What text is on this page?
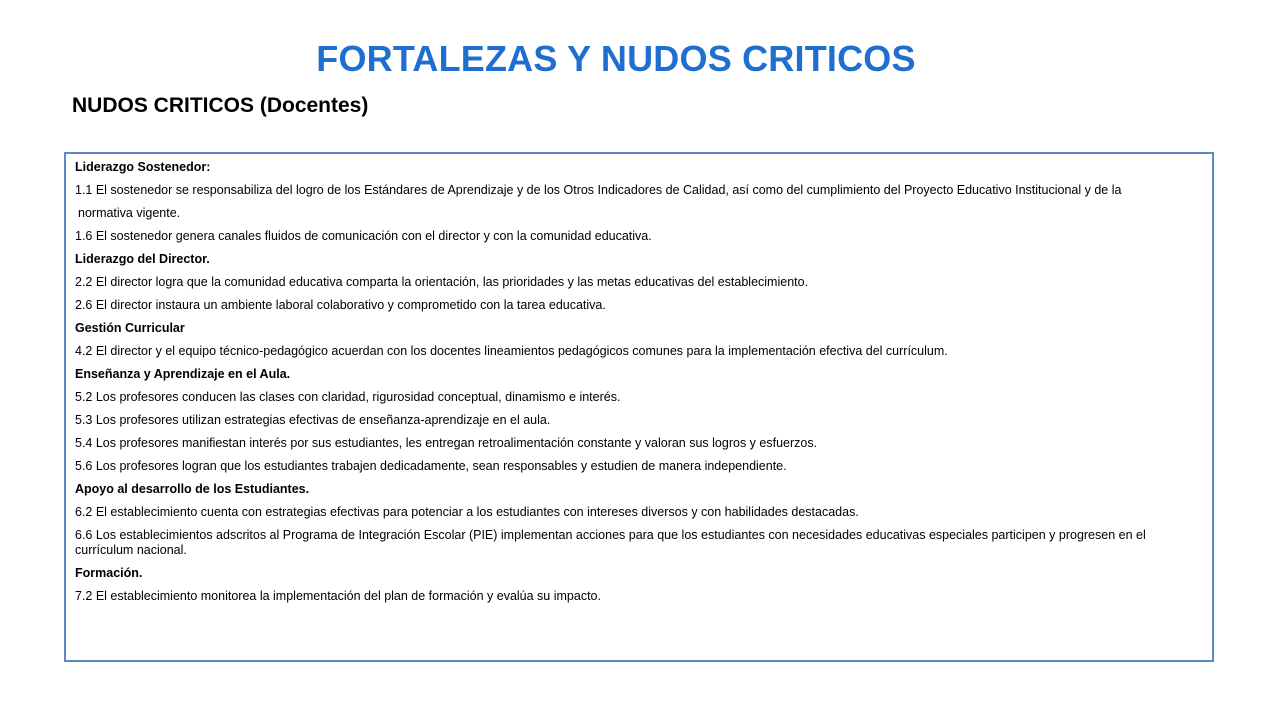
FORTALEZAS Y NUDOS CRITICOS
NUDOS CRITICOS (Docentes)
Liderazgo Sostenedor:
1.1 El sostenedor se responsabiliza del logro de los Estándares de Aprendizaje y de los Otros Indicadores de Calidad, así como del cumplimiento del Proyecto Educativo Institucional y de la
normativa vigente.
1.6 El sostenedor genera canales fluidos de comunicación con el director y con la comunidad educativa.
Liderazgo del Director.
2.2 El director logra que la comunidad educativa comparta la orientación, las prioridades y las metas educativas del establecimiento.
2.6 El director instaura un ambiente laboral colaborativo y comprometido con la tarea educativa.
Gestión Curricular
4.2 El director y el equipo técnico-pedagógico acuerdan con los docentes lineamientos pedagógicos comunes para la implementación efectiva del currículum.
Enseñanza y Aprendizaje en el Aula.
5.2 Los profesores conducen las clases con claridad, rigurosidad conceptual, dinamismo e interés.
5.3 Los profesores utilizan estrategias efectivas de enseñanza-aprendizaje en el aula.
5.4 Los profesores manifiestan interés por sus estudiantes, les entregan retroalimentación constante y valoran sus logros y esfuerzos.
5.6 Los profesores logran que los estudiantes trabajen dedicadamente, sean responsables y estudien de manera independiente.
Apoyo al desarrollo de los Estudiantes.
6.2 El establecimiento cuenta con estrategias efectivas para potenciar a los estudiantes con intereses diversos y con habilidades destacadas.
6.6 Los establecimientos adscritos al Programa de Integración Escolar (PIE) implementan acciones para que los estudiantes con necesidades educativas especiales participen y progresen en el currículum nacional.
Formación.
7.2 El establecimiento monitorea la implementación del plan de formación y evalúa su impacto.
